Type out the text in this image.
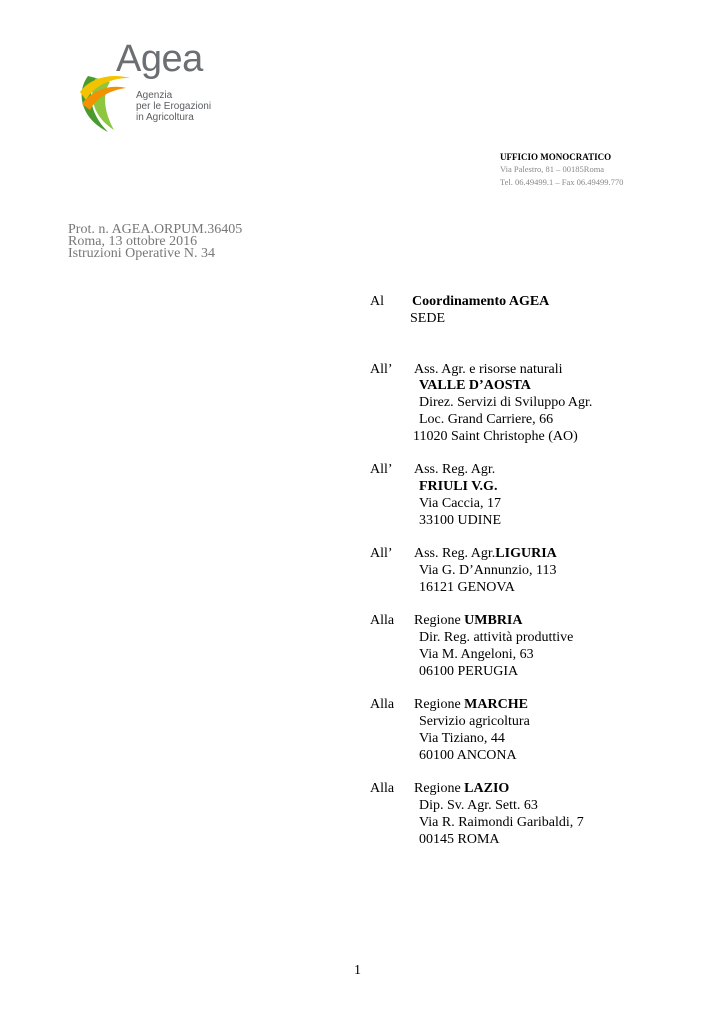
Agea
Agenzia
per le Erogazioni
in Agricoltura
UFFICIO MONOCRATICO
Via Palestro, 81 – 00185Roma
Tel. 06.49499.1 – Fax 06.49499.770
Prot. n. AGEA.ORPUM.36405
Roma, 13 ottobre 2016
Istruzioni Operative N. 34
Al Coordinamento AGEA
SEDE
All’ Ass. Agr. e risorse naturali
VALLE D’AOSTA
Direz. Servizi di Sviluppo Agr.
Loc. Grand Carriere, 66
11020 Saint Christophe (AO)
All’ Ass. Reg. Agr.
FRIULI V.G.
Via Caccia, 17
33100 UDINE
All’ Ass. Reg. Agr.LIGURIA
Via G. D’Annunzio, 113
16121 GENOVA
Alla Regione UMBRIA
Dir. Reg. attività produttive
Via M. Angeloni, 63
06100 PERUGIA
Alla Regione MARCHE
Servizio agricoltura
Via Tiziano, 44
60100 ANCONA
Alla Regione LAZIO
Dip. Sv. Agr. Sett. 63
Via R. Raimondi Garibaldi, 7
00145 ROMA
1
